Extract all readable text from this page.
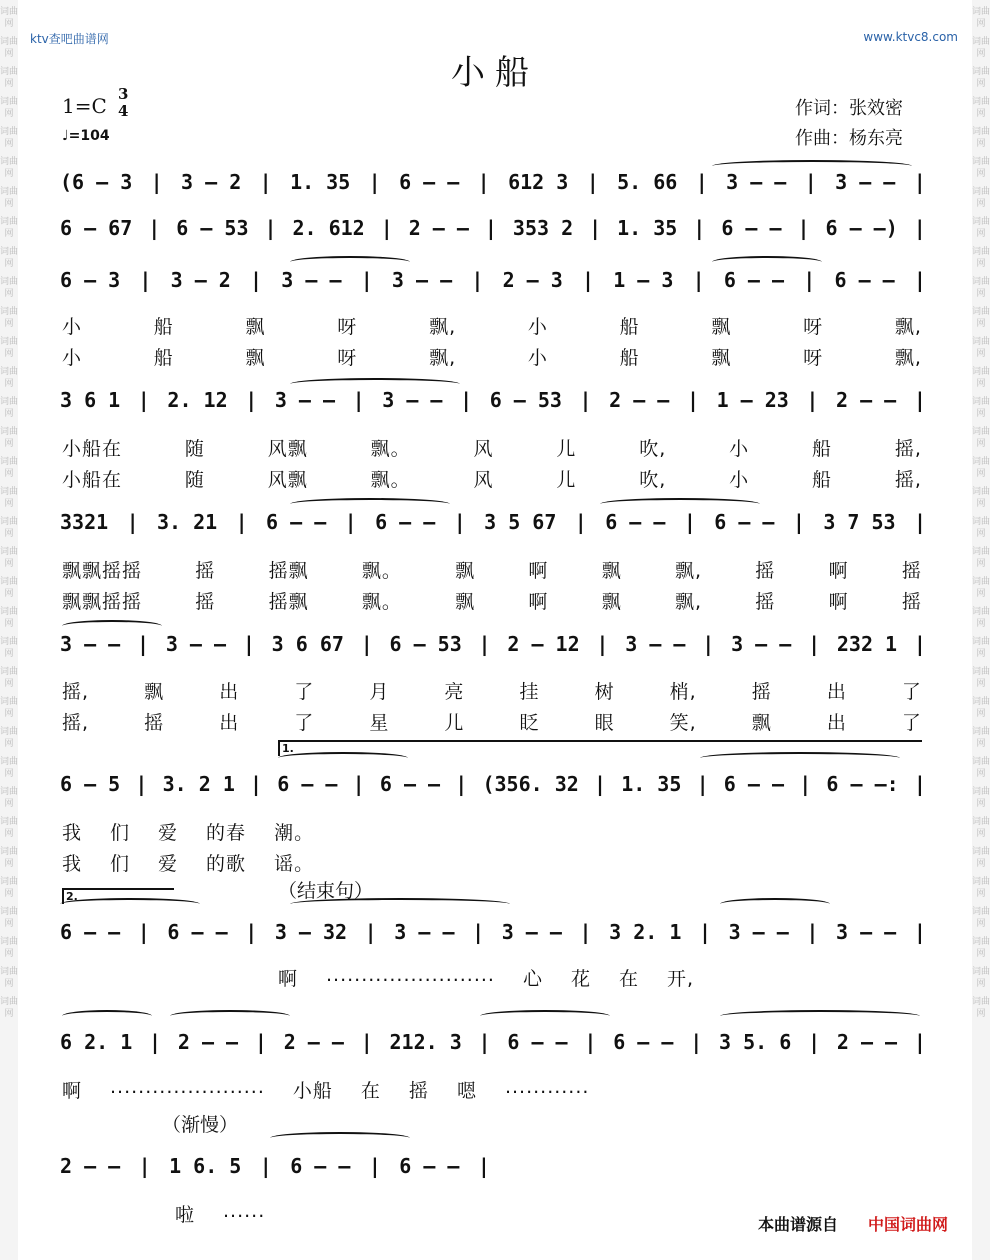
词曲网
词曲网
词曲网
词曲网
词曲网
词曲网
词曲网
词曲网
词曲网
词曲网
词曲网
词曲网
词曲网
词曲网
词曲网
词曲网
词曲网
词曲网
词曲网
词曲网
词曲网
词曲网
词曲网
词曲网
词曲网
词曲网
词曲网
词曲网
词曲网
词曲网
词曲网
词曲网
词曲网
词曲网
词曲网
词曲网
词曲网
词曲网
词曲网
词曲网
词曲网
词曲网
词曲网
词曲网
词曲网
词曲网
词曲网
词曲网
词曲网
词曲网
词曲网
词曲网
词曲网
词曲网
词曲网
词曲网
词曲网
词曲网
词曲网
词曲网
词曲网
词曲网
词曲网
词曲网
词曲网
词曲网
词曲网
词曲网
ktv查吧曲谱网	www.ktvc8.com
小船
1=C 3
4
♩=104
作词：张效密
作曲：杨东亮
(6 – 3 | 3 – 2 | 1. 35 | 6 – – | 612 3 | 5. 66 | 3 – – | 3 – – |
6 – 67 | 6 – 53 | 2. 612 | 2 – – | 353 2 | 1. 35 | 6 – – | 6 – –) |
6 – 3 | 3 – 2 | 3 – – | 3 – – | 2 – 3 | 1 – 3 | 6 – – | 6 – – |
小	船	飘	呀	飘,	小	船	飘	呀	飘,
小	船	飘	呀	飘,	小	船	飘	呀	飘,
3 6 1 | 2. 12 | 3 – – | 3 – – | 6 – 53 | 2 – – | 1 – 23 | 2 – – |
小船在	随	风飘	飘。	风	儿	吹,	小	船	摇,
小船在	随	风飘	飘。	风	儿	吹,	小	船	摇,
3321 | 3. 21 | 6 – – | 6 – – | 3 5 67 | 6 – – | 6 – – | 3 7 53 |
飘飘摇摇	摇	摇飘	飘。	飘	啊	飘	飘,	摇	啊	摇
飘飘摇摇	摇	摇飘	飘。	飘	啊	飘	飘,	摇	啊	摇
3 – – | 3 – – | 3 6 67 | 6 – 53 | 2 – 12 | 3 – – | 3 – – | 232 1 |
摇,	飘	出	了	月	亮	挂	树	梢,	摇	出	了
摇,	摇	出	了	星	儿	眨	眼	笑,	飘	出	了
6 – 5 | 3. 2 1 | 6 – – | 6 – – | (356. 32 | 1. 35 | 6 – – | 6 – –: |
我 们 爱 的春 潮。
我 们 爱 的歌 谣。
6 – – | 6 – – | 3 – 32 | 3 – – | 3 – – | 3 2. 1 | 3 – – | 3 – – |
啊 ........................ 心 花 在 开,
6 2. 1 | 2 – – | 2 – – | 212. 3 | 6 – – | 6 – – | 3 5. 6 | 2 – – |
啊 ...................... 小船 在 摇 嗯 ............
2 – – | 1 6. 5 | 6 – – | 6 – – |
啦 ......
（结束句）
（渐慢）
1.
2.
本曲谱源自 中国词曲网
